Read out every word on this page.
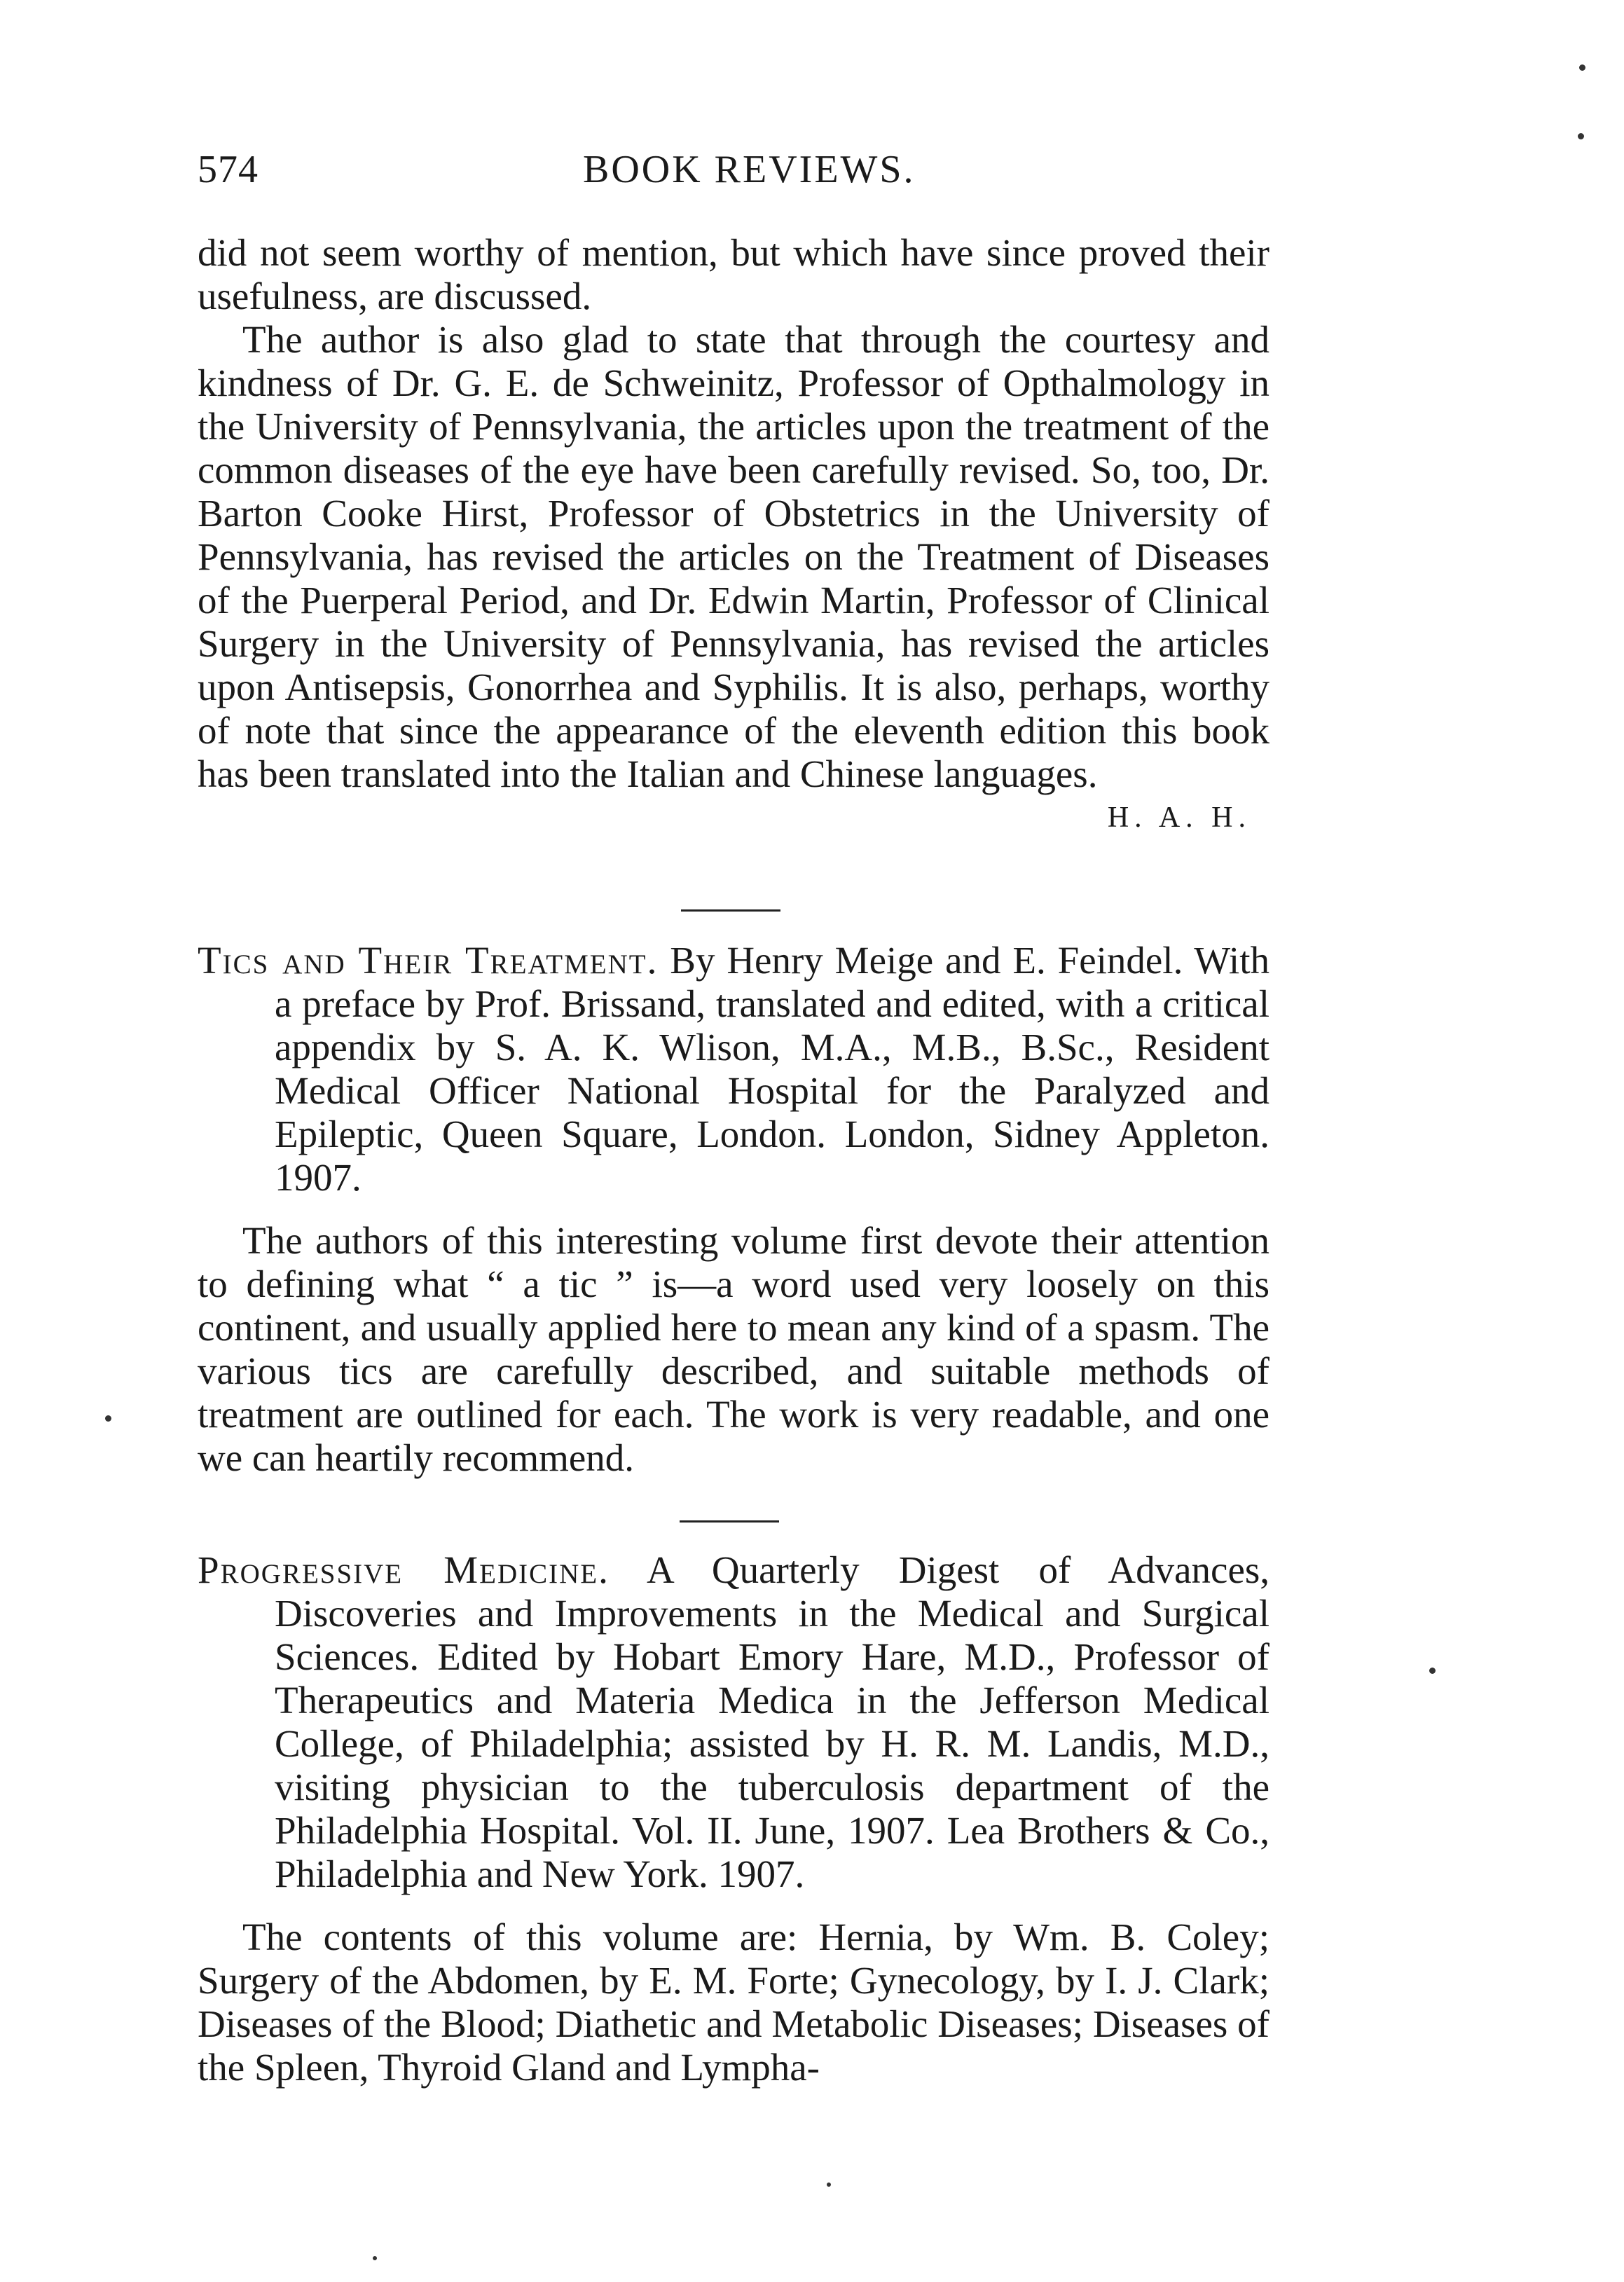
574	BOOK REVIEWS.

did not seem worthy of mention, but which have since proved their usefulness, are discussed.

The author is also glad to state that through the courtesy and kindness of Dr. G. E. de Schweinitz, Professor of Opthalmology in the University of Pennsylvania, the articles upon the treatment of the common diseases of the eye have been carefully revised. So, too, Dr. Barton Cooke Hirst, Professor of Obstetrics in the University of Pennsylvania, has revised the articles on the Treatment of Diseases of the Puerperal Period, and Dr. Edwin Martin, Professor of Clinical Surgery in the University of Pennsylvania, has revised the articles upon Antisepsis, Gonorrhea and Syphilis. It is also, perhaps, worthy of note that since the appearance of the eleventh edition this book has been translated into the Italian and Chinese languages.
H. A. H.

Tics and Their Treatment. By Henry Meige and E. Feindel. With a preface by Prof. Brissand, translated and edited, with a critical appendix by S. A. K. Wlison, M.A., M.B., B.Sc., Resident Medical Officer National Hospital for the Paralyzed and Epileptic, Queen Square, London. London, Sidney Appleton. 1907.

The authors of this interesting volume first devote their attention to defining what “ a tic ” is—a word used very loosely on this continent, and usually applied here to mean any kind of a spasm. The various tics are carefully described, and suitable methods of treatment are outlined for each. The work is very readable, and one we can heartily recommend.

Progressive Medicine. A Quarterly Digest of Advances, Discoveries and Improvements in the Medical and Surgical Sciences. Edited by Hobart Emory Hare, M.D., Professor of Therapeutics and Materia Medica in the Jefferson Medical College, of Philadelphia; assisted by H. R. M. Landis, M.D., visiting physician to the tuberculosis department of the Philadelphia Hospital. Vol. II. June, 1907. Lea Brothers & Co., Philadelphia and New York. 1907.

The contents of this volume are: Hernia, by Wm. B. Coley; Surgery of the Abdomen, by E. M. Forte; Gynecology, by I. J. Clark; Diseases of the Blood; Diathetic and Metabolic Diseases; Diseases of the Spleen, Thyroid Gland and Lympha-
